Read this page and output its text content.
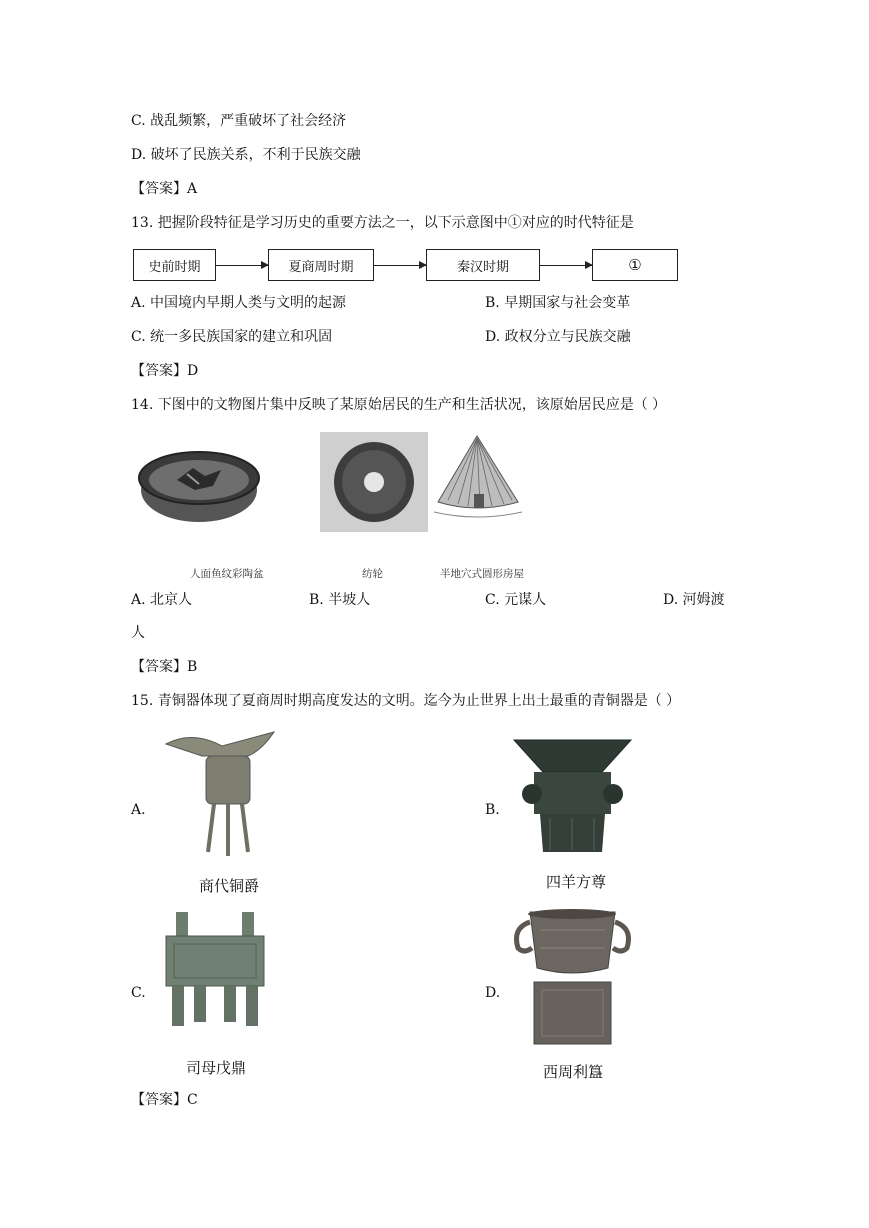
C. 战乱频繁，严重破坏了社会经济
D. 破坏了民族关系，不利于民族交融
【答案】A
13. 把握阶段特征是学习历史的重要方法之一，以下示意图中①对应的时代特征是
史前时期	夏商周时期	秦汉时期	①
A. 中国境内早期人类与文明的起源	B. 早期国家与社会变革
C. 统一多民族国家的建立和巩固	D. 政权分立与民族交融
【答案】D
14. 下图中的文物图片集中反映了某原始居民的生产和生活状况，该原始居民应是（ ）
人面鱼纹彩陶盆	纺轮	半地穴式圆形房屋
A. 北京人	B. 半坡人	C. 元谋人	D. 河姆渡
人
【答案】B
15. 青铜器体现了夏商周时期高度发达的文明。迄今为止世界上出土最重的青铜器是（ ）
A.
商代铜爵
B.
四羊方尊
C.
司母戊鼎
D.
西周利簋
【答案】C
